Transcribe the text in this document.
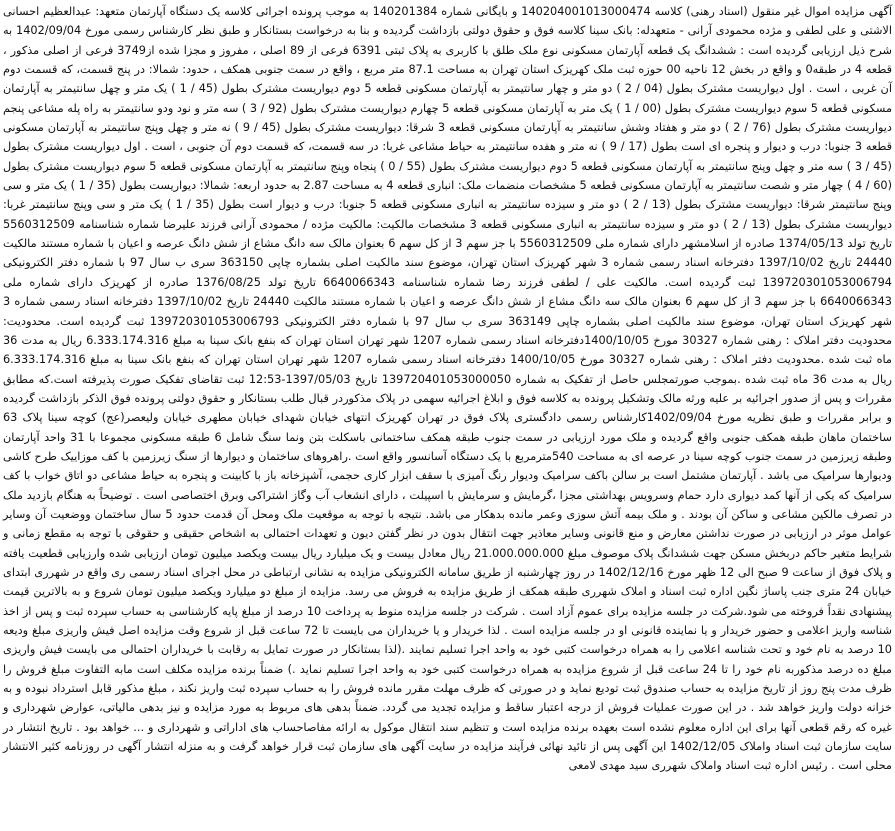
آگهی مزایده اموال غیر منقول (اسناد رهنی) کلاسه 140204001013000474 و بایگانی شماره 140201384 به موجب پرونده اجرائی کلاسه یک دستگاه آپارتمان متعهد: عبدالعظیم احسانی الاشتی و علی لطفی و مژده محمودی آرانی - متعهدله: بانک سینا کلاسه فوق و حقوق دولتی بازداشت گردیده و بنا به درخواست بستانکار و طبق نظر کارشناس رسمی مورخ 1402/09/04 به شرح ذیل ارزیابی گردیده است : ششدانگ یک قطعه آپارتمان مسکونی نوع ملک طلق با کاربری به پلاک ثبتی 6391 فرعی از 89 اصلی ، مفروز و مجزا شده از3749 فرعی از اصلی مذکور ، قطعه 4 در طبقه0 و واقع در بخش 12 ناحیه 00 حوزه ثبت ملک کهریزک استان تهران به مساحت 87.1 متر مربع ، واقع در سمت جنوبی همکف ، حدود: شمالا: در پنج قسمت، که قسمت دوم آن غربی ، است . اول دیواریست مشترک بطول (04 / 2 ) دو متر و چهار سانتیمتر به آپارتمان مسکونی قطعه 5 دوم دیواریست مشترک بطول (45 / 1 ) یک متر و چهل سانتیمتر به آپارتمان مسکونی قطعه 5 سوم دیواریست مشترک بطول (00 / 1 ) یک متر به آپارتمان مسکونی قطعه 5 چهارم دیواریست مشترک بطول (92 / 3 ) سه متر و نود ودو سانتیمتر به راه پله مشاعی پنجم دیواریست مشترک بطول (76 / 2 ) دو متر و هفتاد وشش سانتیمتر به آپارتمان مسکونی قطعه 3 شرقا: دیواریست مشترک بطول (45 / 9 ) نه متر و چهل وپنج سانتیمتر به آپارتمان مسکونی قطعه 3 جنوبا: درب و دیوار و پنجره ای است بطول (17 / 9 ) نه متر و هفده سانتیمتر به حیاط مشاعی غربا: در سه قسمت، که قسمت دوم آن جنوبی ، است . اول دیواریست مشترک بطول (45 / 3 ) سه متر و چهل وپنج سانتیمتر به آپارتمان مسکونی قطعه 5 دوم دیواریست مشترک بطول (55 / 0 ) پنجاه وپنج سانتیمتر به آپارتمان مسکونی قطعه 5 سوم دیواریست مشترک بطول (60 / 4 ) چهار متر و شصت سانتیمتر به آپارتمان مسکونی قطعه 5 مشخصات منضمات ملک: انباری قطعه 4 به مساحت 2.87 به حدود اربعه: شمالا: دیواریست بطول (35 / 1 ) یک متر و سی وپنج سانتیمتر شرقا: دیواریست مشترک بطول (13 / 2 ) دو متر و سیزده سانتیمتر به انباری مسکونی قطعه 5 جنوبا: درب و دیوار است بطول (35 / 1 ) یک متر و سی وپنج سانتیمتر غربا: دیواریست مشترک بطول (13 / 2 ) دو متر و سیزده سانتیمتر به انباری مسکونی قطعه 3 مشخصات مالکیت: مالکیت مژده / محمودی آرانی فرزند علیرضا شماره شناسنامه 5560312509 تاریخ تولد 1374/05/13 صادره از اسلامشهر دارای شماره ملی 5560312509 با جز سهم 3 از کل سهم 6 بعنوان مالک سه دانگ مشاع از شش دانگ عرصه و اعیان با شماره مستند مالکیت 24440 تاریخ 1397/10/02 دفترخانه اسناد رسمی شماره 3 شهر کهریزک استان تهران، موضوع سند مالکیت اصلی بشماره چاپی 363150 سری ب سال 97 با شماره دفتر الکترونیکی 139720301053006794 ثبت گردیده است. مالکیت علی / لطفی فرزند رضا شماره شناسنامه 6640066343 تاریخ تولد 1376/08/25 صادره از کهریزک دارای شماره ملی 6640066343 با جز سهم 3 از کل سهم 6 بعنوان مالک سه دانگ مشاع از شش دانگ عرصه و اعیان با شماره مستند مالکیت 24440 تاریخ 1397/10/02 دفترخانه اسناد رسمی شماره 3 شهر کهریزک استان تهران، موضوع سند مالکیت اصلی بشماره چاپی 363149 سری ب سال 97 با شماره دفتر الکترونیکی 139720301053006793 ثبت گردیده است. محدودیت: محدودیت دفتر املاک : رهنی شماره 30327 مورخ 1400/10/05دفترخانه اسناد رسمی شماره 1207 شهر تهران استان تهران که بنفع بانک سینا به مبلغ 6.333.174.316 ریال به مدت 36 ماه ثبت شده .محدودیت دفتر املاک : رهنی شماره 30327 مورخ 1400/10/05 دفترخانه اسناد رسمی شماره 1207 شهر تهران استان تهران که بنفع بانک سینا به مبلغ 6.333.174.316 ریال به مدت 36 ماه ثبت شده .بموجب صورتمجلس حاصل از تفکیک به شماره 139720401053000050 تاریخ 1397/05/03-12:53 ثبت تقاضای تفکیک صورت پذیرفته است.که مطابق مقررات و پس از صدور اجرائیه بر علیه ورثه مالک وتشکیل پرونده به کلاسه فوق و ابلاغ اجرائیه سهمی در پلاک مذکوردر قبال طلب بستانکار و حقوق دولتی پرونده فوق الذکر بازداشت گردیده و برابر مقررات و طبق نظریه مورخ 1402/09/04کارشناس رسمی دادگستری پلاک فوق در تهران کهریزک انتهای خیابان شهدای خیابان مطهری خیابان ولیعصر(عج) کوچه سینا پلاک 63 ساختمان ماهان طبقه همکف جنوبی واقع گردیده و ملک مورد ارزیابی در سمت جنوب طبقه همکف ساختمانی باسکلت بتن ونما سنگ شامل 6 طبقه مسکونی مجموعا با 31 واحد آپارتمان وطبقه زیرزمین در سمت جنوب کوچه سینا در عرصه ای به مساحت 540مترمربع با یک دستگاه آسانسور واقع است .راهروهای ساختمان و دیوارها از سنگ زیرزمین با کف موزاییک طرح کاشی ودیوارها سرامیک می باشد . آپارتمان مشتمل است بر سالن باکف سرامیک ودیوار رنگ آمیزی با سقف ابزار کاری حجمی، آشپزخانه باز با کابینت و پنجره به حیاط مشاعی دو اتاق خواب با کف سرامیک که یکی از آنها کمد دیواری دارد حمام وسرویس بهداشتی مجزا ،گرمایش و سرمایش با اسپیلت ، دارای انشعاب آب وگاز اشتراکی وبرق اختصاصی است . توضیحاً به هنگام بازدید ملک در تصرف مالکین مشاعی و ساکن آن بودند . و ملک بیمه آتش سوزی وعمر مانده بدهکار می باشد. نتیجه با توجه به موقعیت ملک ومحل آن قدمت حدود 5 سال ساختمان ووضعیت آن وسایر عوامل موثر در ارزیابی در صورت نداشتن معارض و منع قانونی وسایر معاذیر جهت انتقال بدون در نظر گفتن دیون و تعهدات احتمالی به اشخاص حقیقی و حقوقی با توجه به مقطع زمانی و شرایط متغیر حاکم دربخش مسکن جهت ششدانگ پلاک موصوف مبلغ 21.000.000.000 ریال معادل بیست و یک میلیارد ریال بیست ویکصد میلیون تومان ارزیابی شده وارزیابی قطعیت یافته و پلاک فوق از ساعت 9 صبح الی 12 ظهر مورخ 1402/12/16 در روز چهارشنبه از طریق سامانه الکترونیکی مزایده به نشانی ارتباطی در محل اجرای اسناد رسمی ری واقع در شهرری ابتدای خیابان 24 متری جنب پاساژ نگین اداره ثبت اسناد و املاک شهرری طبقه همکف از طریق مزایده به فروش می رسد. مزایده از مبلغ دو میلیارد ویکصد میلیون تومان شروع و به بالاترین قیمت پیشنهادی نقداً فروخته می شود.شرکت در جلسه مزایده برای عموم آزاد است . شرکت در جلسه مزایده منوط به پرداخت 10 درصد از مبلغ پایه کارشناسی به حساب سپرده ثبت و پس از اخذ شناسه واریز اعلامی و حضور خریدار و یا نماینده قانونی او در جلسه مزایده است . لذا خریدار و یا خریداران می بایست تا 72 ساعت قبل از شروع وقت مزایده اصل فیش واریزی مبلغ ودیعه 10 درصد به نام خود و تحت شناسه اعلامی را به همراه درخواست کتبی خود به واحد اجرا تسلیم نمایند .(لذا بستانکار در صورت تمایل به رقابت با خریداران احتمالی می بایست فیش واریزی مبلغ ده درصد مذکوربه نام خود را تا 24 ساعت قبل از شروع مزایده به همراه درخواست کتبی خود به واحد اجرا تسلیم نماید .) ضمناً برنده مزایده مکلف است مابه التفاوت مبلغ فروش را ظرف مدت پنج روز از تاریخ مزایده به حساب صندوق ثبت تودیع نماید و در صورتی که ظرف مهلت مقرر مانده فروش را به حساب سپرده ثبت واریز نکند ، مبلغ مذکور قابل استرداد نبوده و به خزانه دولت واریز خواهد شد . در این صورت عملیات فروش از درجه اعتبار ساقط و مزایده تجدید می گردد. ضمناً بدهی های مربوط به مورد مزایده و نیز بدهی مالیاتی، عوارض شهرداری و غیره که رقم قطعی آنها برای این اداره معلوم نشده است بعهده برنده مزایده است و تنظیم سند انتقال موکول به ارائه مفاصاحساب های اداراتی و شهرداری و ... خواهد بود . تاریخ انتشار در سایت سازمان ثبت اسناد واملاک 1402/12/05 این آگهی پس از تائید نهائی فرآیند مزایده در سایت آگهی های سازمان ثبت قرار خواهد گرفت و به منزله انتشار آگهی در روزنامه کثیر الانتشار محلی است . رئیس اداره ثبت اسناد واملاک شهرری سید مهدی لامعی
